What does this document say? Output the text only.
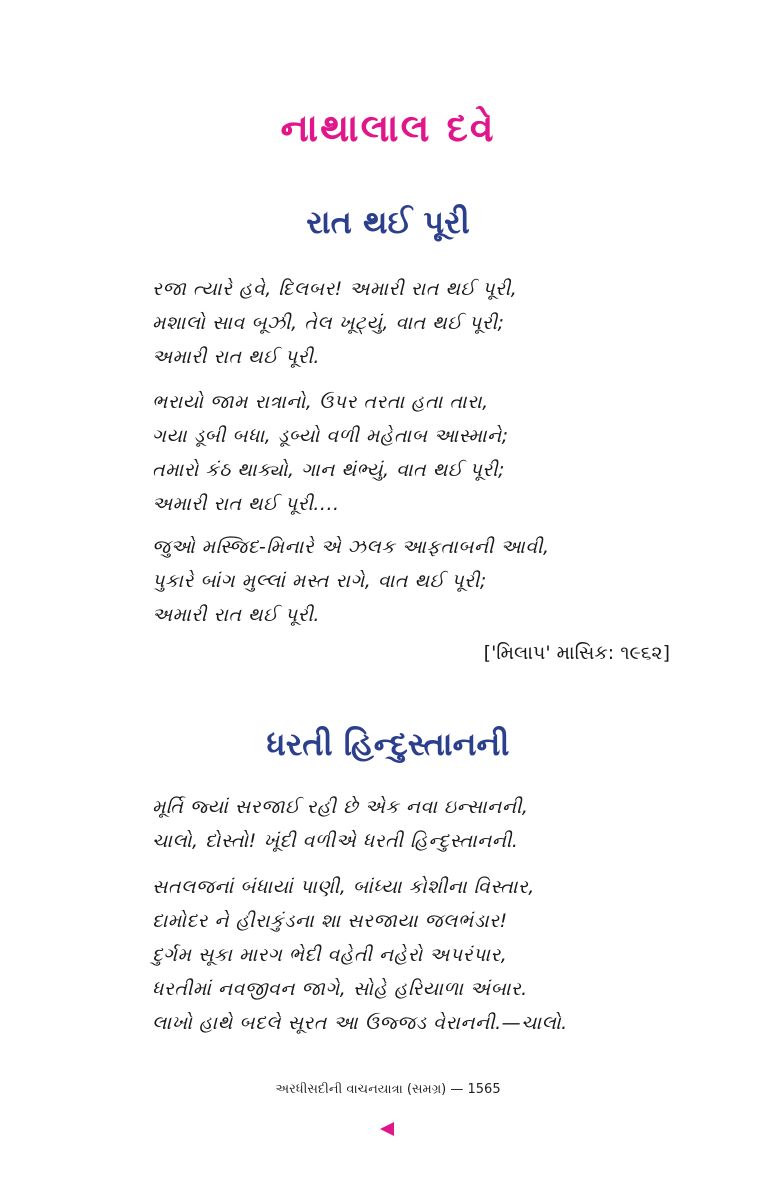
નાથાલાલ દવે
રાત થઈ પૂરી
રજા ત્યારે હવે, દિલબર! અમારી રાત થઈ પૂરી,
મશાલો સાવ બૂઝી, તેલ ખૂટ્યું, વાત થઈ પૂરી;
અમારી રાત થઈ પૂરી.
ભરાયો જામ રાત્રાનો, ઉપર તરતા હતા તારા,
ગયા ડૂબી બધા, ડૂબ્યો વળી મહેતાબ આસ્માને;
તમારો કંઠ થાક્યો, ગાન થંભ્યું, વાત થઈ પૂરી;
અમારી રાત થઈ પૂરી....
જુઓ મસ્જિદ-મિનારે એ ઝલક આફતાબની આવી,
પુકારે બાંગ મુલ્લાં મસ્ત રાગે, વાત થઈ પૂરી;
અમારી રાત થઈ પૂરી.
['મિલાપ' માસિક: ૧૯૬૨]
ધરતી હિન્દુસ્તાનની
મૂર્તિ જ્યાં સરજાઈ રહી છે એક નવા ઇન્સાનની,
ચાલો, દોસ્તો! ખૂંદી વળીએ ધરતી હિન્દુસ્તાનની.
સતલજનાં બંધાયાં પાણી, બાંધ્યા કોશીના વિસ્તાર,
દામોદર ને હીરાકુંડના શા સરજાયા જલભંડાર!
દુર્ગમ સૂકા મારગ ભેદી વહેતી નહેરો અપરંપાર,
ધરતીમાં નવજીવન જાગે, સોહે હરિયાળા અંબાર.
લાખો હાથે બદલે સૂરત આ ઉજ્જડ વેરાનની.—ચાલો.
અરધીસદીની વાચનયાત્રા (સમગ્ર) — 1565
